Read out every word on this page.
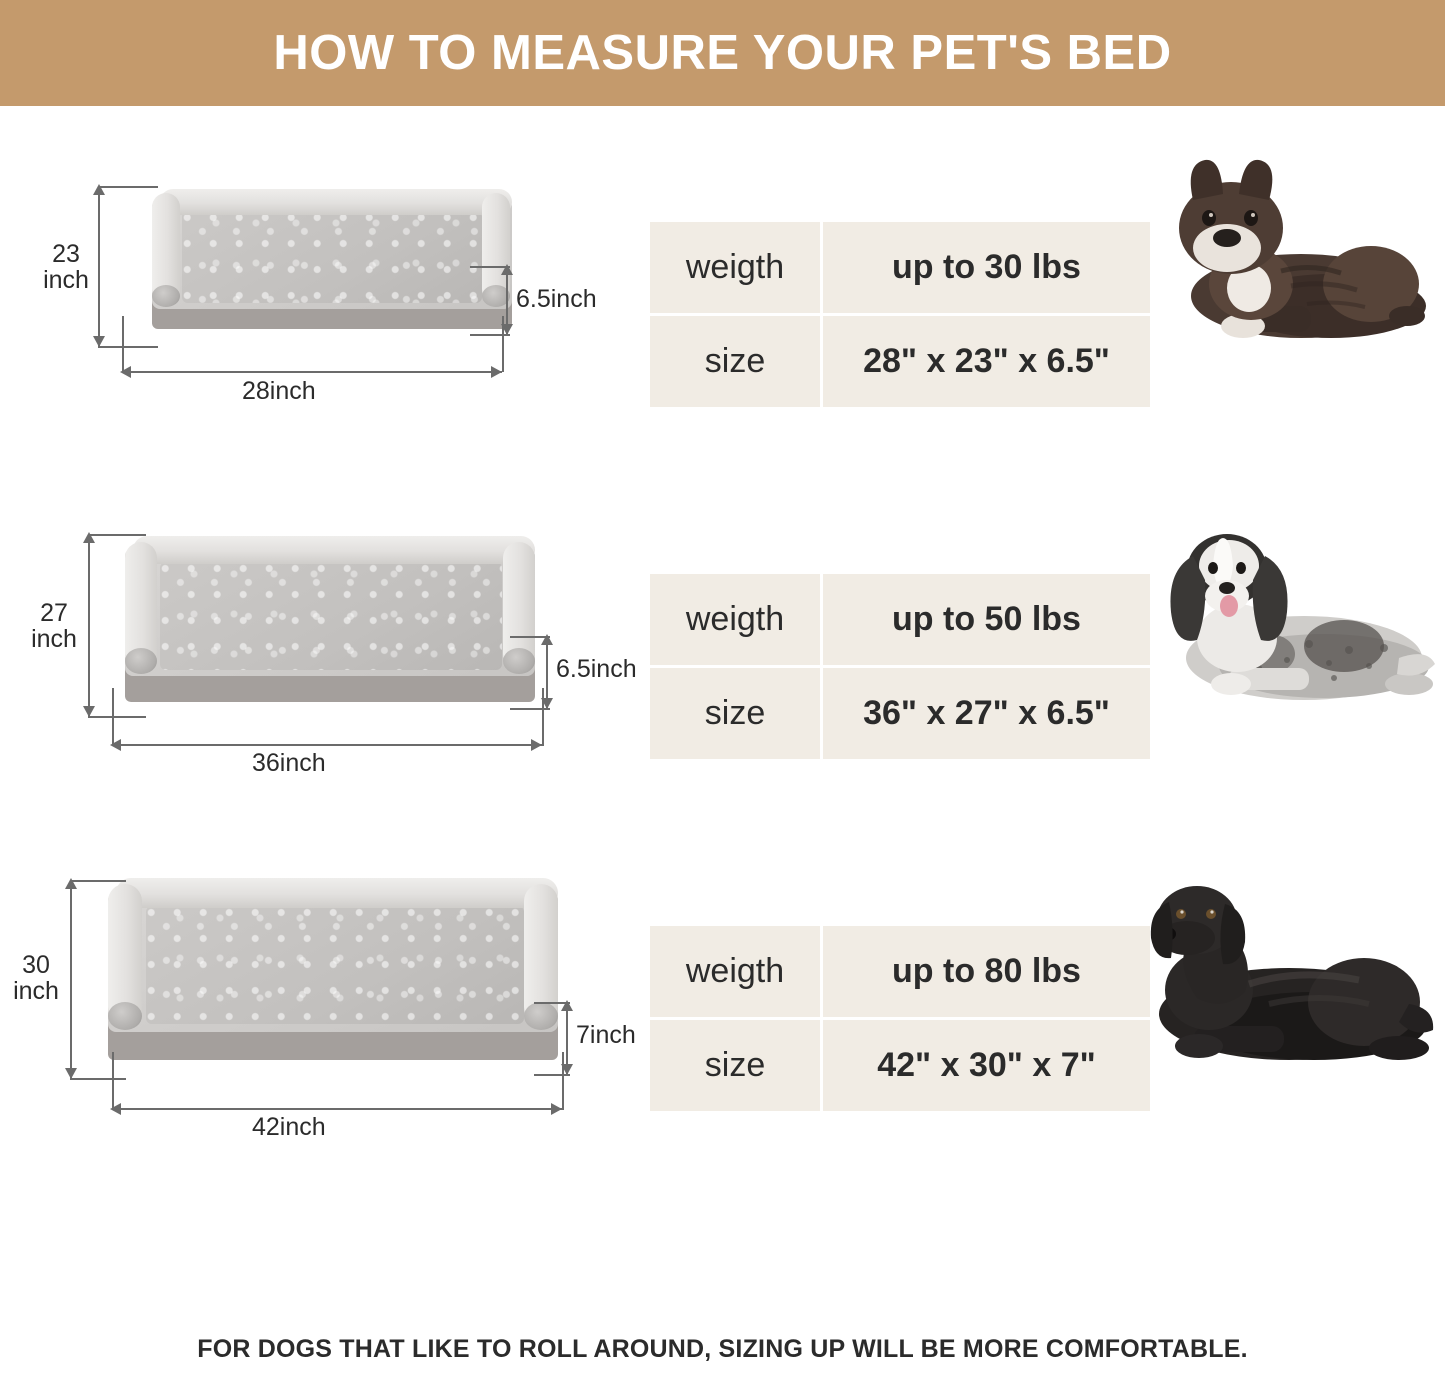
HOW TO MEASURE YOUR PET'S BED
23
inch
28inch
6.5inch
weigth	up to 30 lbs
size	28" x 23" x 6.5"
27
inch
36inch
6.5inch
weigth	up to 50 lbs
size	36" x 27" x 6.5"
30
inch
42inch
7inch
weigth	up to 80 lbs
size	42" x 30" x 7"
FOR DOGS THAT LIKE TO ROLL AROUND, SIZING UP WILL BE MORE COMFORTABLE.
